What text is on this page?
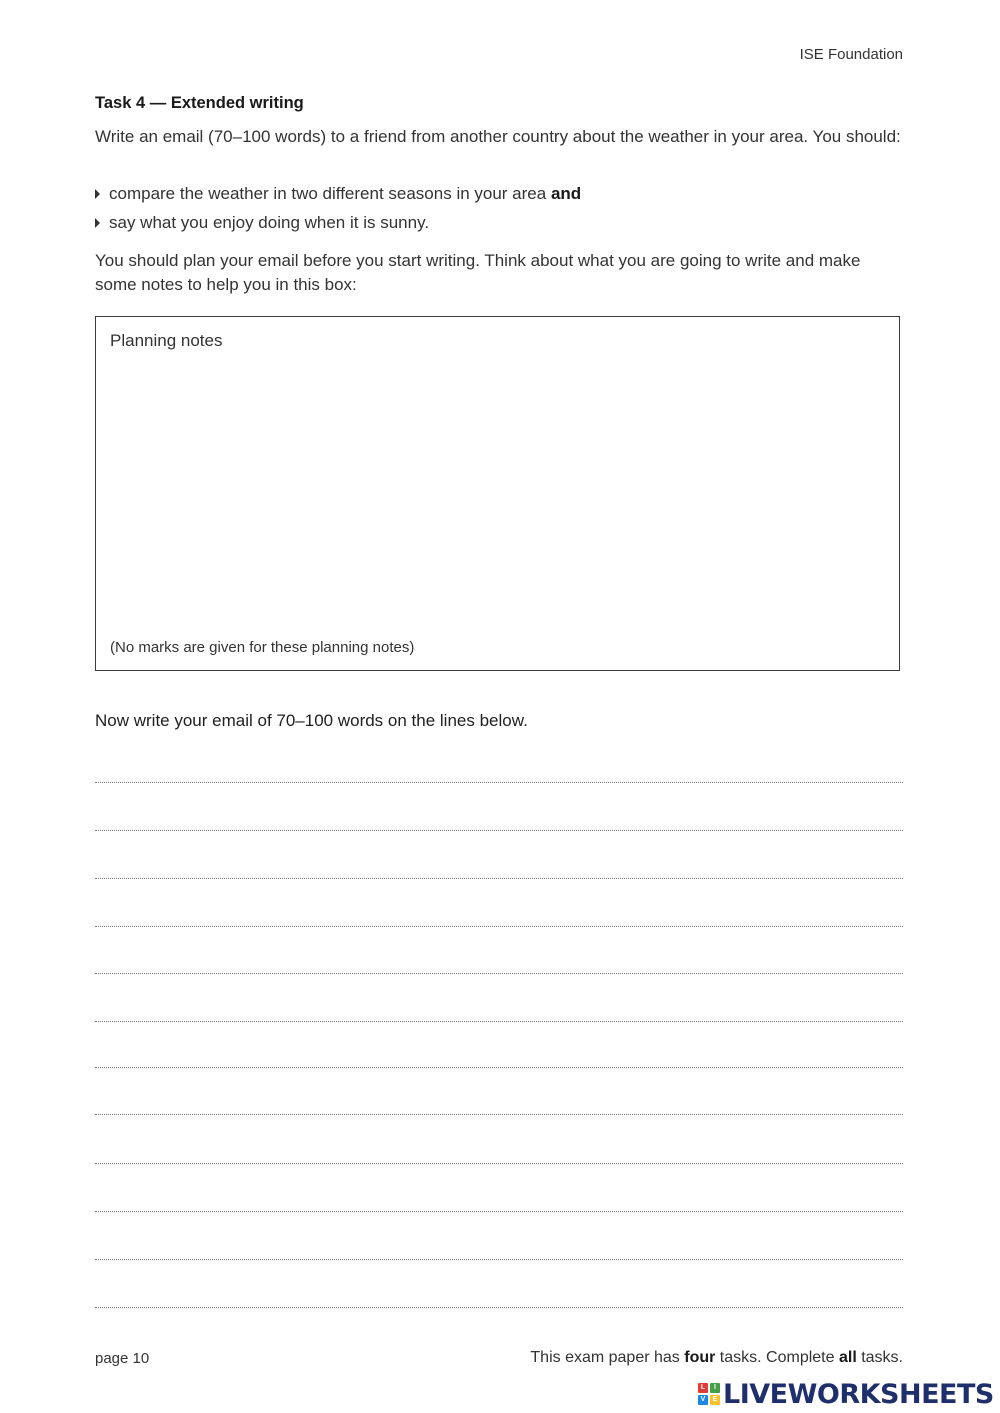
ISE Foundation
Task 4 — Extended writing

Write an email (70–100 words) to a friend from another country about the weather in your area. You should:

compare the weather in two different seasons in your area and
say what you enjoy doing when it is sunny.

You should plan your email before you start writing. Think about what you are going to write and make some notes to help you in this box:

Planning notes
(No marks are given for these planning notes)
Now write your email of 70–100 words on the lines below.
page 10	This exam paper has four tasks. Complete all tasks.
L	I
V	E LIVEWORKSHEETS
